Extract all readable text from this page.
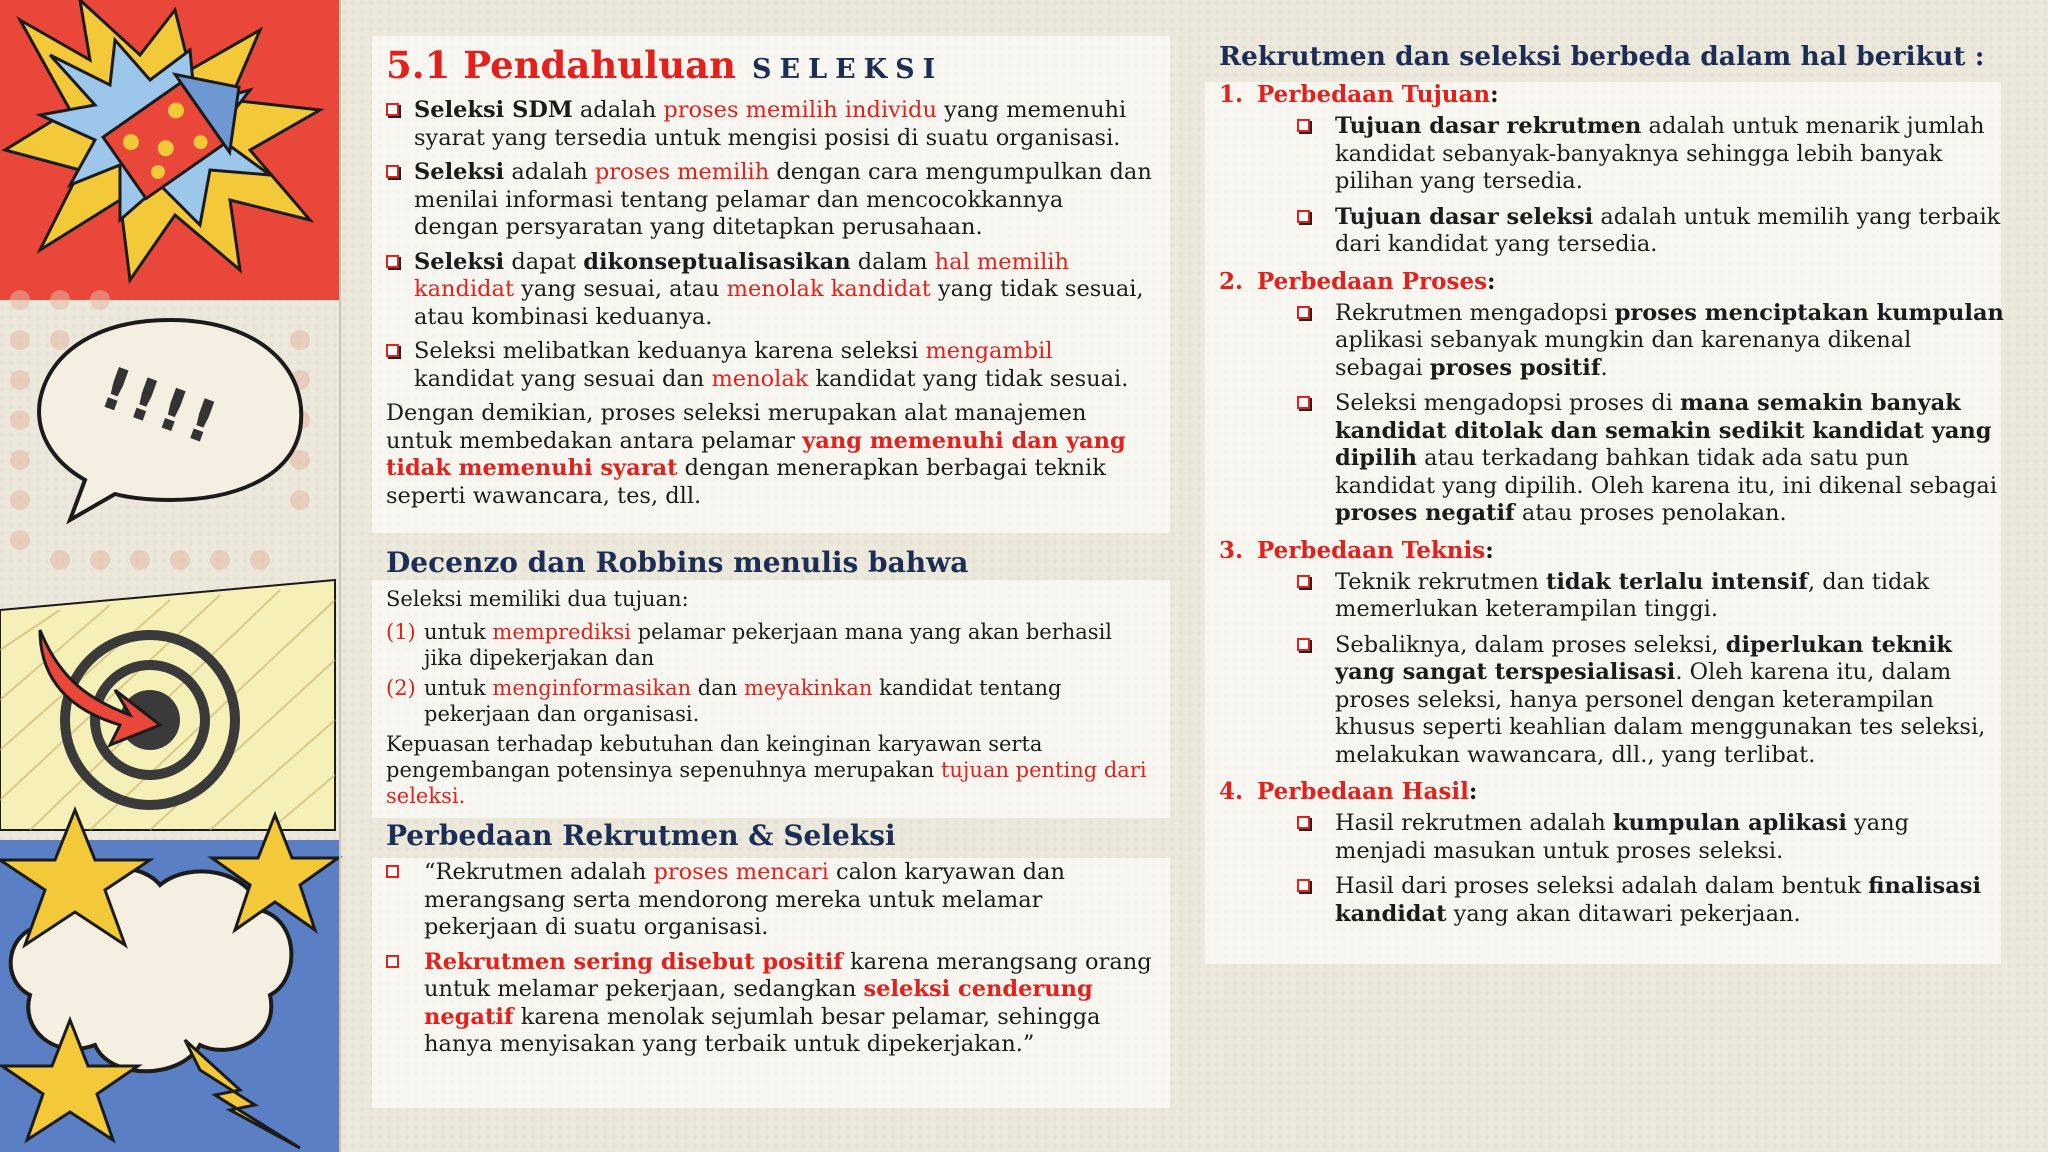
!!!!
5.1 Pendahuluan SELEKSI
Seleksi SDM adalah proses memilih individu yang memenuhi syarat yang tersedia untuk mengisi posisi di suatu organisasi.
Seleksi adalah proses memilih dengan cara mengumpulkan dan menilai informasi tentang pelamar dan mencocokkannya dengan persyaratan yang ditetapkan perusahaan.
Seleksi dapat dikonseptualisasikan dalam hal memilih kandidat yang sesuai, atau menolak kandidat yang tidak sesuai, atau kombinasi keduanya.
Seleksi melibatkan keduanya karena seleksi mengambil kandidat yang sesuai dan menolak kandidat yang tidak sesuai.
Dengan demikian, proses seleksi merupakan alat manajemen untuk membedakan antara pelamar yang memenuhi dan yang tidak memenuhi syarat dengan menerapkan berbagai teknik seperti wawancara, tes, dll.
Decenzo dan Robbins menulis bahwa
Seleksi memiliki dua tujuan:
(1) untuk memprediksi pelamar pekerjaan mana yang akan berhasil jika dipekerjakan dan
(2) untuk menginformasikan dan meyakinkan kandidat tentang pekerjaan dan organisasi.
Kepuasan terhadap kebutuhan dan keinginan karyawan serta pengembangan potensinya sepenuhnya merupakan tujuan penting dari seleksi.
Perbedaan Rekrutmen & Seleksi
“Rekrutmen adalah proses mencari calon karyawan dan merangsang serta mendorong mereka untuk melamar pekerjaan di suatu organisasi.
Rekrutmen sering disebut positif karena merangsang orang untuk melamar pekerjaan, sedangkan seleksi cenderung negatif karena menolak sejumlah besar pelamar, sehingga hanya menyisakan yang terbaik untuk dipekerjakan.”
Rekrutmen dan seleksi berbeda dalam hal berikut :
1. Perbedaan Tujuan:
Tujuan dasar rekrutmen adalah untuk menarik jumlah kandidat sebanyak-banyaknya sehingga lebih banyak pilihan yang tersedia.
Tujuan dasar seleksi adalah untuk memilih yang terbaik dari kandidat yang tersedia.
2. Perbedaan Proses:
Rekrutmen mengadopsi proses menciptakan kumpulan aplikasi sebanyak mungkin dan karenanya dikenal sebagai proses positif.
Seleksi mengadopsi proses di mana semakin banyak kandidat ditolak dan semakin sedikit kandidat yang dipilih atau terkadang bahkan tidak ada satu pun kandidat yang dipilih. Oleh karena itu, ini dikenal sebagai proses negatif atau proses penolakan.
3. Perbedaan Teknis:
Teknik rekrutmen tidak terlalu intensif, dan tidak memerlukan keterampilan tinggi.
Sebaliknya, dalam proses seleksi, diperlukan teknik yang sangat terspesialisasi. Oleh karena itu, dalam proses seleksi, hanya personel dengan keterampilan khusus seperti keahlian dalam menggunakan tes seleksi, melakukan wawancara, dll., yang terlibat.
4. Perbedaan Hasil:
Hasil rekrutmen adalah kumpulan aplikasi yang menjadi masukan untuk proses seleksi.
Hasil dari proses seleksi adalah dalam bentuk finalisasi kandidat yang akan ditawari pekerjaan.
